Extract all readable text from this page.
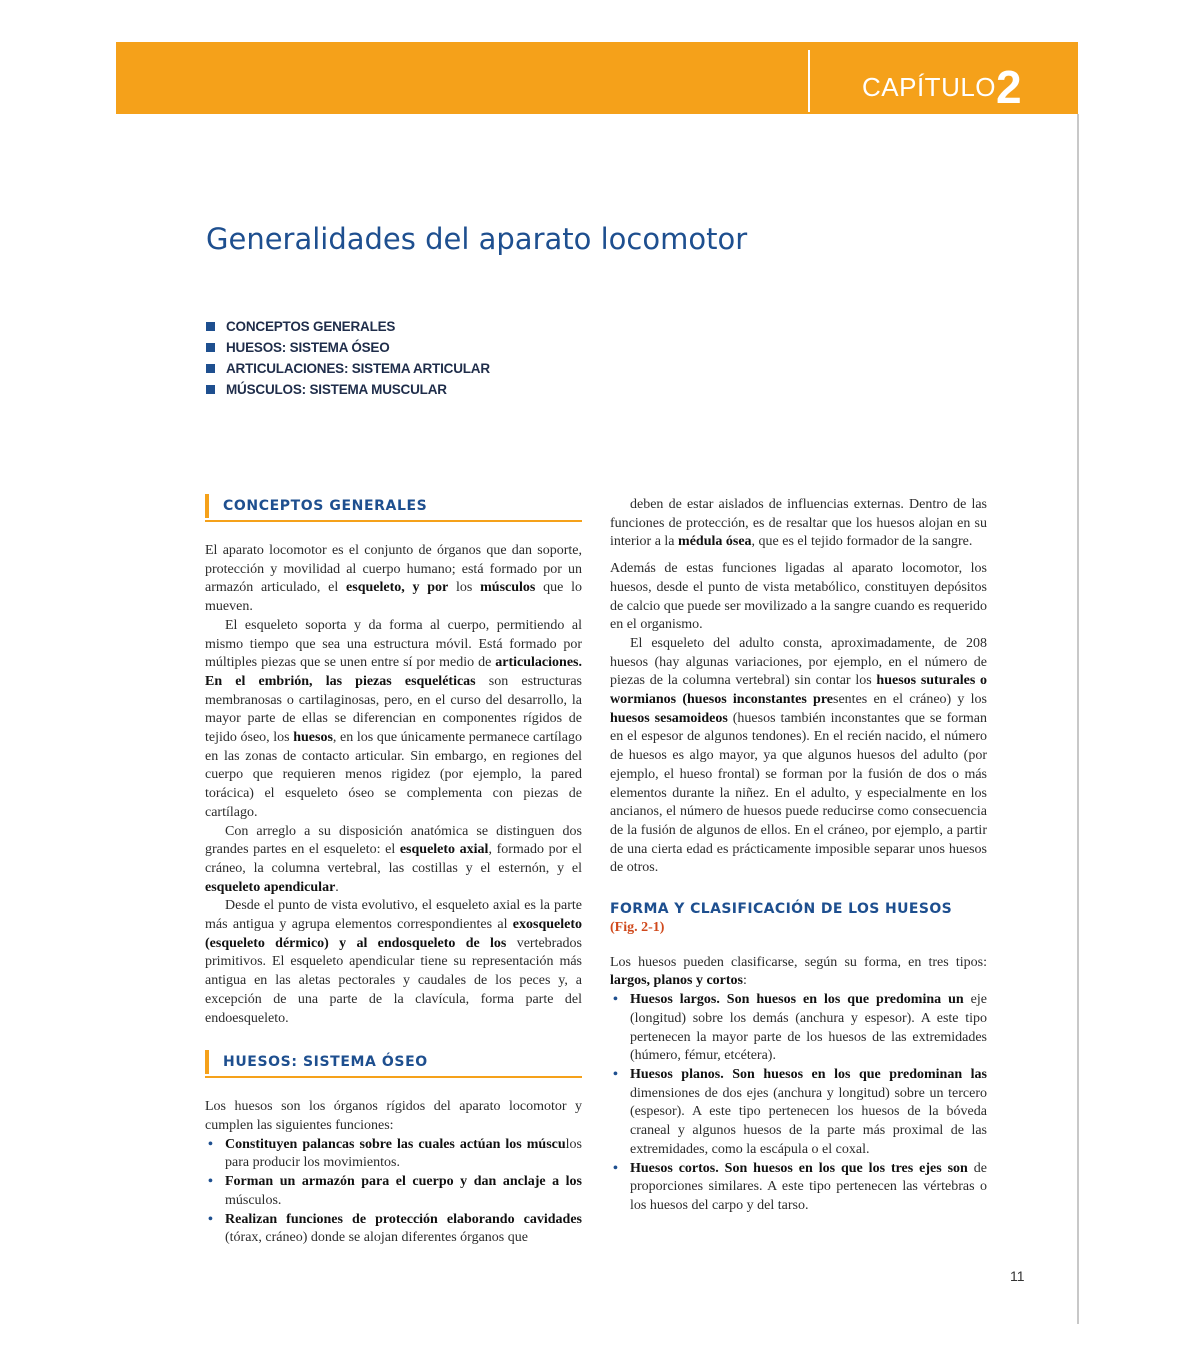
CAPÍTULO 2
Generalidades del aparato locomotor
CONCEPTOS GENERALES
HUESOS: SISTEMA ÓSEO
ARTICULACIONES: SISTEMA ARTICULAR
MÚSCULOS: SISTEMA MUSCULAR
CONCEPTOS GENERALES

El aparato locomotor es el conjunto de órganos que dan soporte, protección y movilidad al cuerpo humano; está formado por un armazón articulado, el esqueleto, y por los músculos que lo mueven.

El esqueleto soporta y da forma al cuerpo, permitiendo al mismo tiempo que sea una estructura móvil. Está formado por múltiples piezas que se unen entre sí por medio de articulaciones. En el embrión, las piezas esqueléticas son estructuras membranosas o cartilaginosas, pero, en el curso del desarrollo, la mayor parte de ellas se diferencian en componentes rígidos de tejido óseo, los huesos, en los que únicamente permanece cartílago en las zonas de contacto articular. Sin embargo, en regiones del cuerpo que requieren menos rigidez (por ejemplo, la pared torácica) el esqueleto óseo se complementa con piezas de cartílago.

Con arreglo a su disposición anatómica se distinguen dos grandes partes en el esqueleto: el esqueleto axial, formado por el cráneo, la columna vertebral, las costillas y el esternón, y el esqueleto apendicular.

Desde el punto de vista evolutivo, el esqueleto axial es la parte más antigua y agrupa elementos correspondientes al exosqueleto (esqueleto dérmico) y al endosqueleto de los vertebrados primitivos. El esqueleto apendicular tiene su representación más antigua en las aletas pectorales y caudales de los peces y, a excepción de una parte de la clavícula, forma parte del endoesqueleto.

HUESOS: SISTEMA ÓSEO

Los huesos son los órganos rígidos del aparato locomotor y cumplen las siguientes funciones:

• Constituyen palancas sobre las cuales actúan los músculos para producir los movimientos.
• Forman un armazón para el cuerpo y dan anclaje a los músculos.
• Realizan funciones de protección elaborando cavidades (tórax, cráneo) donde se alojan diferentes órganos que

deben de estar aislados de influencias externas. Dentro de las funciones de protección, es de resaltar que los huesos alojan en su interior a la médula ósea, que es el tejido formador de la sangre.

Además de estas funciones ligadas al aparato locomotor, los huesos, desde el punto de vista metabólico, constituyen depósitos de calcio que puede ser movilizado a la sangre cuando es requerido en el organismo.

El esqueleto del adulto consta, aproximadamente, de 208 huesos (hay algunas variaciones, por ejemplo, en el número de piezas de la columna vertebral) sin contar los huesos suturales o wormianos (huesos inconstantes presentes en el cráneo) y los huesos sesamoideos (huesos también inconstantes que se forman en el espesor de algunos tendones). En el recién nacido, el número de huesos es algo mayor, ya que algunos huesos del adulto (por ejemplo, el hueso frontal) se forman por la fusión de dos o más elementos durante la niñez. En el adulto, y especialmente en los ancianos, el número de huesos puede reducirse como consecuencia de la fusión de algunos de ellos. En el cráneo, por ejemplo, a partir de una cierta edad es prácticamente imposible separar unos huesos de otros.

FORMA Y CLASIFICACIÓN DE LOS HUESOS
(Fig. 2-1)

Los huesos pueden clasificarse, según su forma, en tres tipos: largos, planos y cortos:

• Huesos largos. Son huesos en los que predomina un eje (longitud) sobre los demás (anchura y espesor). A este tipo pertenecen la mayor parte de los huesos de las extremidades (húmero, fémur, etcétera).
• Huesos planos. Son huesos en los que predominan las dimensiones de dos ejes (anchura y longitud) sobre un tercero (espesor). A este tipo pertenecen los huesos de la bóveda craneal y algunos huesos de la parte más proximal de las extremidades, como la escápula o el coxal.
• Huesos cortos. Son huesos en los que los tres ejes son de proporciones similares. A este tipo pertenecen las vértebras o los huesos del carpo y del tarso.
11
